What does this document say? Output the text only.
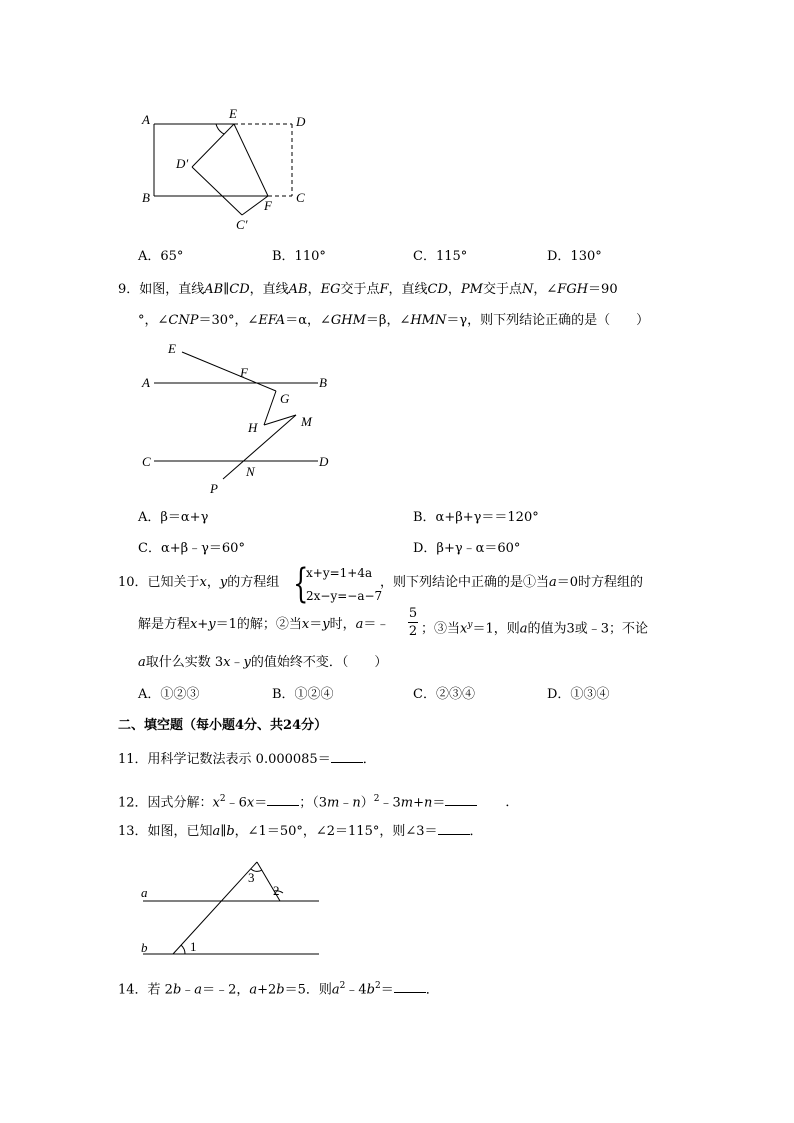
A
B	C
D
E
F
D′
C′
A．65°	B．110°	C．115°	D．130°
9．如图，直线AB∥CD，直线AB，EG交于点F，直线CD，PM交于点N，∠FGH＝90
°，∠CNP＝30°，∠EFA＝α，∠GHM＝β，∠HMN＝γ，则下列结论正确的是（　　）
E
F
A	B
G
H	M
C	D
N
P
A．β＝α+γ	B．α+β+γ＝＝120°
C．α+β﹣γ＝60°	D．β+γ﹣α＝60°
10．已知关于x，y的方程组 {
x+y=1+4a
2x−y=−a−7
，则下列结论中正确的是①当a＝0时方程组的
解是方程x+y＝1的解；②当x＝y时，a＝﹣
5
2 ；③当$x^y=1$，则a的值为3或﹣3；不论
a取什么实数 3x﹣y的值始终不变．（　　）
A．①②③	B．①②④	C．②③④	D．①③④
二、填空题（每小题4分、共24分）
11．用科学记数法表示 0.000085＝ ．
12．因式分解：$x^2﹣6x=$ ；（3m﹣n）$^2$﹣3m+n＝	．
13．如图，已知a∥b，∠1＝50°，∠2＝115°，则∠3＝ ．
a
b	1
2
3
14．若 2b﹣a＝﹣2，a+2b＝5．则$a^2﹣4b^2=$ ．
